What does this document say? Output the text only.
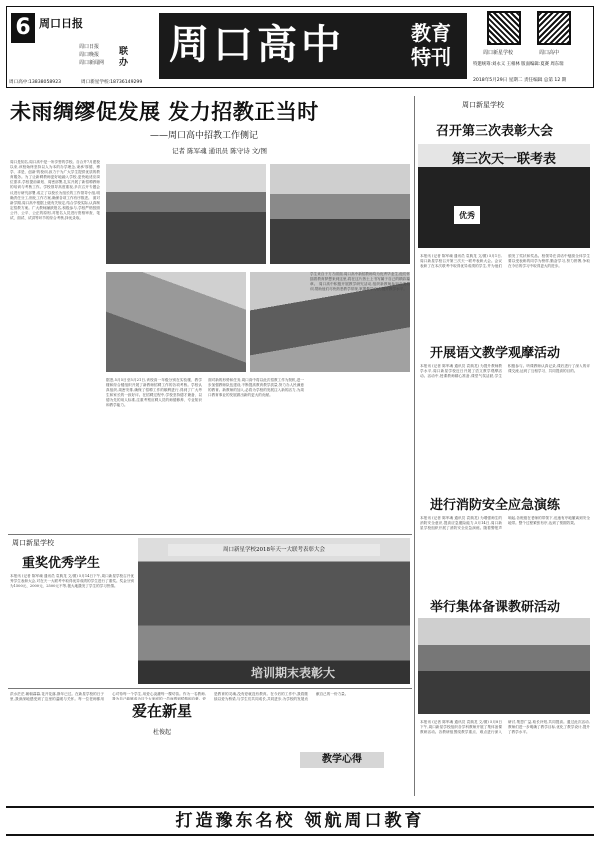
6 周口日报
周口日报
周口晚报
周口新闻网
联办 周口高中	教育特刊	周口新星学校	周口高中
特邀统筹:刘永义 王相林 版面编辑:夏赛 周东瑞
2018年5月29日 星期二 责任编辑 总第 12 期
周口高中:13838058923	周口新星学校:18736149299
未雨绸缪促发展 发力招教正当时
——周口高中招教工作侧记
记者 陈军魂 通讯员 陈守诗 文/图
周口是知名,周口高中是一所享誉的学校。自合并7月建校以来,该校始终坚持以人为本的办学理念,秉承'厚德、博学、求是、创新'的校训,致力于为广大学生提供优质的教育服务。为了让新聘教师更好地融入学校,更快地适应岗位需求,学校提前谋划、周密部署,扎实开展了新招聘教师的培训与考核工作。学校领导高度重视,多次召开专题会议进行研究部署,成立了以校长为组长的工作领导小组,明确责任分工,细化工作方案,确保各项工作有序推进。 面对新学期,周口高中根据上级有关规定,结合学校实际,认真制定招教方案。广大教师踊跃报名,积极参与,学校严格按照公开、公平、公正的原则,对报名人员进行资格审查、笔试、面试、试讲等环节的综合考核,择优录取。
据悉,5月5日至5月21日,该校高一年级分别在实验楼、教学楼和综合楼组织开展了新教师招聘工作的各项考核。学校认真组织,周密安排,确保了招聘工作的顺利进行,得到了广大考生和家长的一致好评。在招聘过程中,学校坚持德才兼备、以德为先的用人标准,注重考察应聘人员的师德修养、专业知识和教学能力。
面对新的形势和任务,周口高中将以此次招教工作为契机,进一步加强教师队伍建设,不断提高教育教学质量,努力办人民满意的教育。新教师的加入,必将为学校的发展注入新的活力,为周口教育事业的发展做出新的更大的贡献。
学生来自于方方面面,周口高中新招教师均为优秀毕业生,他们怀揣着教育梦想来到这里,将在这片热土上书写属于自己的精彩篇章。 周口高中积极开展教学研究活动,组织新教师参加各类培训,帮助他们尽快熟悉教学常规,掌握教学方法,提升教学水平。
周口新星学校
召开第三次表彰大会
第三次天一联考表
优秀
本报讯 (记者 陈军魂 通讯员 袁典龙 文/图) 5月1日,周口新星学校召开第三次天一联考表彰大会。会议表彰了在本次联考中取得优异成绩的学生,并为他们颁发了奖状和奖品。校领导在讲话中勉励全体学生要以受表彰的同学为榜样,勤奋学习,努力拼搏,争取在今后的学习中取得更大的进步。
开展语文教学观摩活动
本报讯 (记者 陈军魂 通讯员 袁典龙) 为提升教师教学水平,周口新星学校近日开展了语文教学观摩活动。活动中,授课教师精心准备,课堂气氛活跃,学生积极参与。听课教师认真记录,课后进行了深入的评课交流,达到了互相学习、共同提高的目的。
进行消防安全应急演练
本报讯 (记者 陈军魂 通讯员 袁典龙) 为增强师生的消防安全意识,提高应急避险能力,5月14日,周口新星学校组织开展了消防安全应急演练。随着警报声响起,各班级在老师的带领下,迅速有序地撤离到安全地带。整个过程紧张有序,达到了预期效果。
举行集体备课教研活动
本报讯 (记者 陈军魂 通讯员 袁典龙 文/图) 5月8日下午,周口新星学校组织各学科教师开展了集体备课教研活动。各教研组围绕教学重点、难点进行深入研讨,集思广益,取长补短,共同提高。通过此次活动,教师们进一步明确了教学目标,优化了教学设计,提升了教学水平。
周口新星学校
重奖优秀学生
本报讯 (记者 陈军魂 通讯员 袁典龙 文/图) 5月14日下午,周口新星学校召开优秀学生表彰大会,对在天一大联考中取得优异成绩的学生进行了重奖。奖金分别为1500元、2000元、2500元不等,极大地激发了学生的学习热情。
周口新星学校2018年天一大联考表彰大会
培训期末表彰大
洪水茫茫,朝朝暮暮,花开花落,斯年已过。在新星学校的日子里,我深深地感受到了这里的温暖与关怀。每一位老师都用心对待每一个学生,用爱心浇灌每一棵幼苗。作为一名教师, 是教育的灵魂,没有爱就没有教育。在今后的工作中,我将继续以爱为桥梁,与学生们共同成长,共同进步,为学校的发展贡献自己的一份力量。
爱在新星
杜俊起
教学心得
打造豫东名校 领航周口教育
